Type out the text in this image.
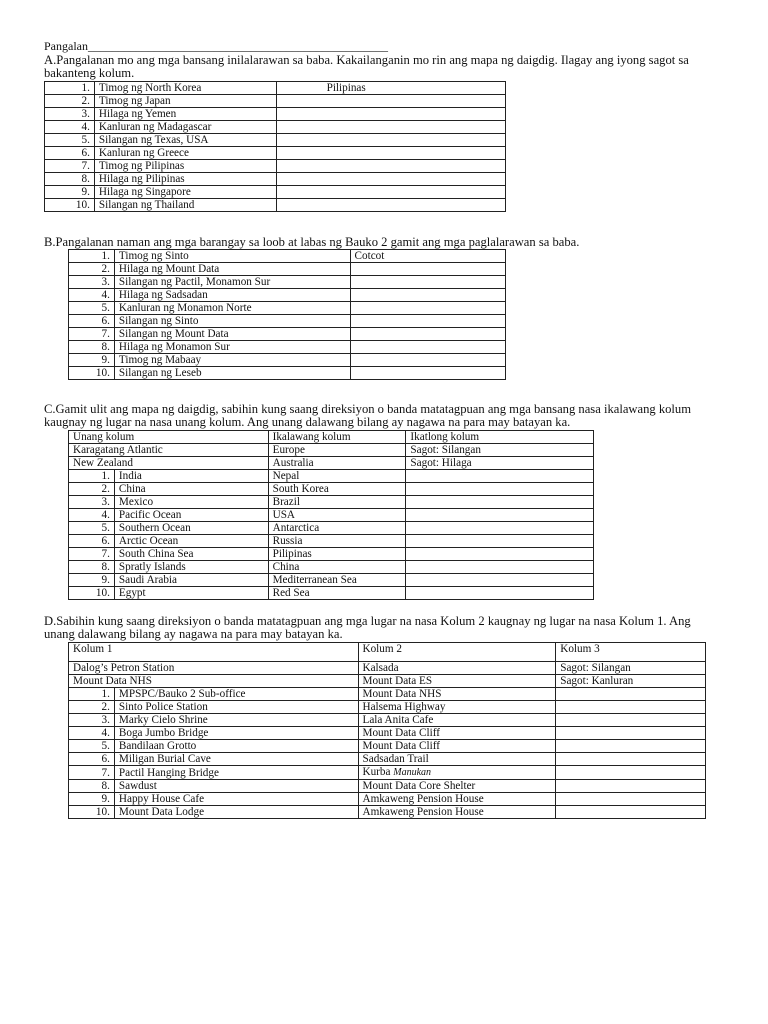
Pangalan__________________________________________________
A.Pangalanan mo ang mga bansang inilalarawan sa baba. Kakailanganin mo rin ang mapa ng daigdig. Ilagay ang iyong sagot sa bakanteng kolum.
1.	Timog ng North Korea	Pilipinas
2.	Timog ng Japan	
3.	Hilaga ng Yemen	
4.	Kanluran ng Madagascar	
5.	Silangan ng Texas, USA	
6.	Kanluran ng Greece	
7.	Timog ng Pilipinas	
8.	Hilaga ng Pilipinas	
9.	Hilaga ng Singapore	
10.	Silangan ng Thailand	
B.Pangalanan naman ang mga barangay sa loob at labas ng Bauko 2 gamit ang mga paglalarawan sa baba.
1.	Timog ng Sinto	Cotcot
2.	Hilaga ng Mount Data	
3.	Silangan ng Pactil, Monamon Sur	
4.	Hilaga ng Sadsadan	
5.	Kanluran ng Monamon Norte	
6.	Silangan ng Sinto	
7.	Silangan ng Mount Data	
8.	Hilaga ng Monamon Sur	
9.	Timog ng Mabaay	
10.	Silangan ng Leseb	
C.Gamit ulit ang mapa ng daigdig, sabihin kung saang direksiyon o banda matatagpuan ang mga bansang nasa ikalawang kolum kaugnay ng lugar na nasa unang kolum. Ang unang dalawang bilang ay nagawa na para may batayan ka.
Unang kolum		Ikalawang kolum	Ikatlong kolum
Karagatang Atlantic		Europe	Sagot: Silangan
New Zealand		Australia	Sagot: Hilaga
1.	India	Nepal	
2.	China	South Korea	
3.	Mexico	Brazil	
4.	Pacific Ocean	USA	
5.	Southern Ocean	Antarctica	
6.	Arctic Ocean	Russia	
7.	South China Sea	Pilipinas	
8.	Spratly Islands	China	
9.	Saudi Arabia	Mediterranean Sea	
10.	Egypt	Red Sea	
D.Sabihin kung saang direksiyon o banda matatagpuan ang mga lugar na nasa Kolum 2 kaugnay ng lugar na nasa Kolum 1. Ang unang dalawang bilang ay nagawa na para may batayan ka.
Kolum 1		Kolum 2	Kolum 3
Dalog’s Petron Station		Kalsada	Sagot: Silangan
Mount Data NHS		Mount Data ES	Sagot: Kanluran
1.	MPSPC/Bauko 2 Sub-office	Mount Data NHS	
2.	Sinto Police Station	Halsema Highway	
3.	Marky Cielo Shrine	Lala Anita Cafe	
4.	Boga Jumbo Bridge	Mount Data Cliff	
5.	Bandilaan Grotto	Mount Data Cliff	
6.	Miligan Burial Cave	Sadsadan Trail	
7.	Pactil Hanging Bridge	Kurba Manukan	
8.	Sawdust	Mount Data Core Shelter	
9.	Happy House Cafe	Amkaweng Pension House	
10.	Mount Data Lodge	Amkaweng Pension House	
